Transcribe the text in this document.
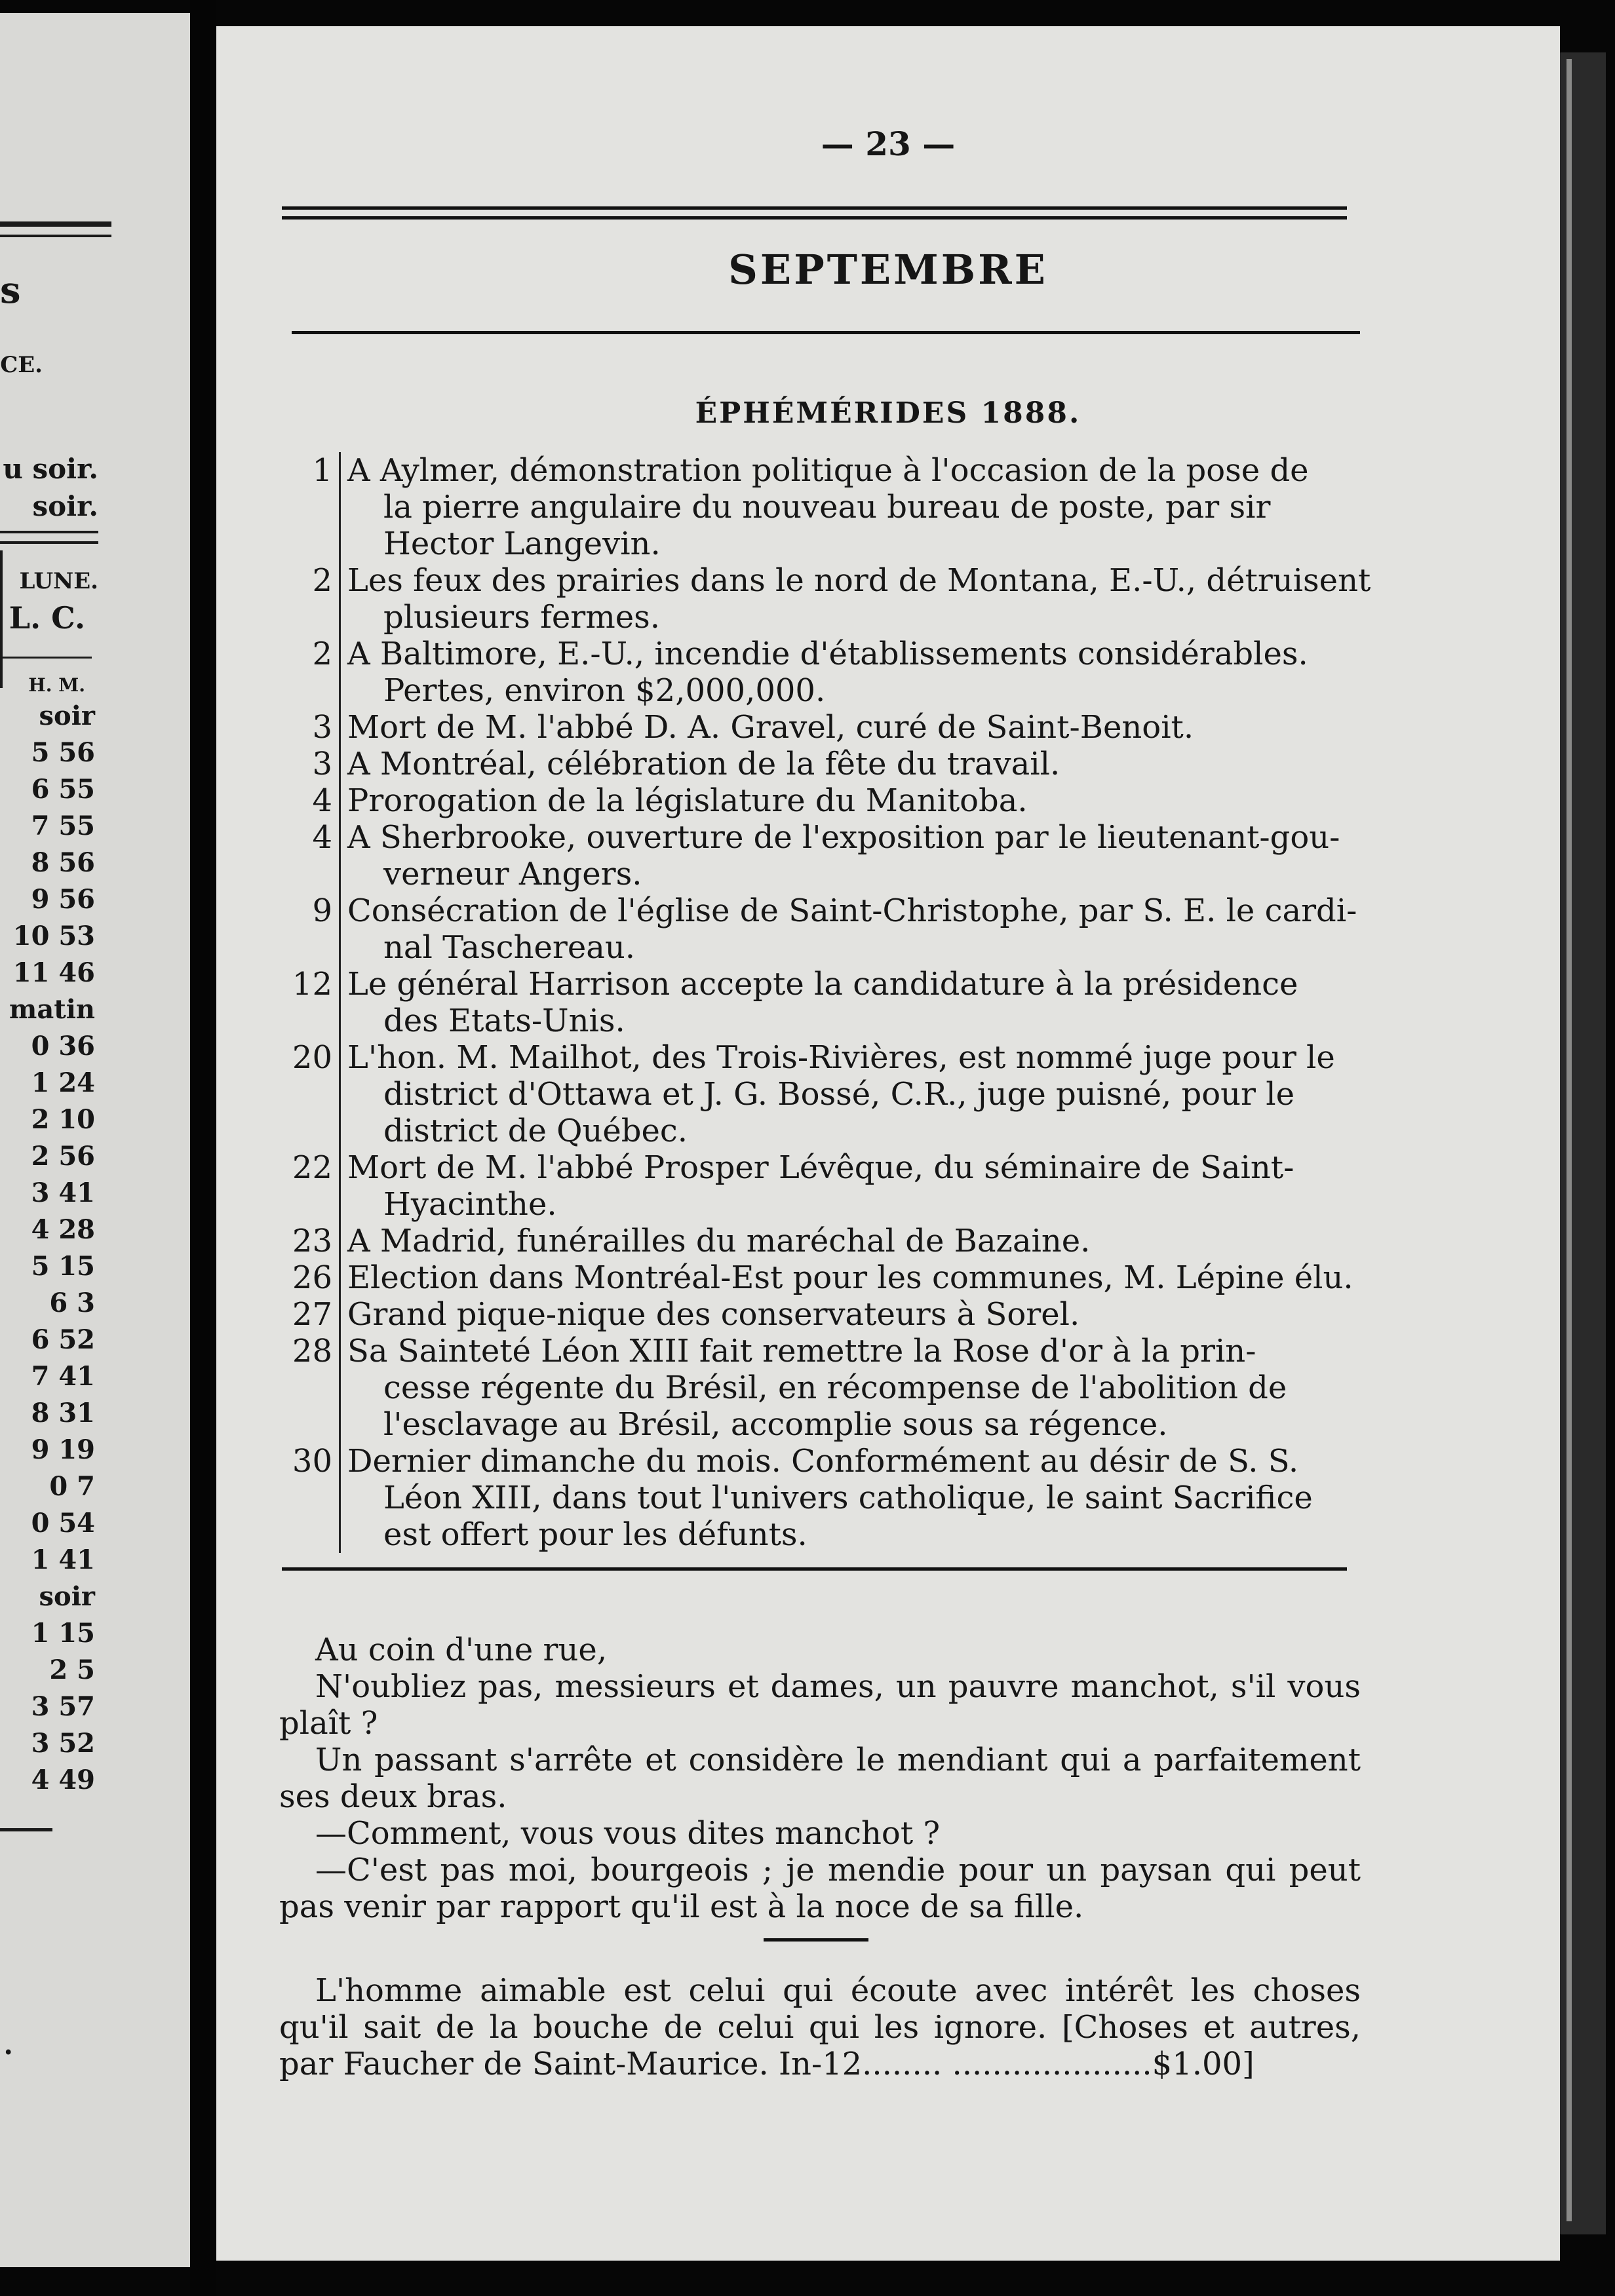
s
CE.
u soir.
soir.
LUNE.
L. C.
H. M.
soir
5 56
6 55
7 55
8 56
9 56
10 53
11 46
matin
0 36
1 24
2 10
2 56
3 41
4 28
5 15
6 3
6 52
7 41
8 31
9 19
0 7
0 54
1 41
soir
1 15
2 5
3 57
3 52
4 49
.
— 23 —
SEPTEMBRE
ÉPHÉMÉRIDES 1888.
1 A Aylmer, démonstration politique à l'occasion de la pose de
la pierre angulaire du nouveau bureau de poste, par sir
Hector Langevin.
2 Les feux des prairies dans le nord de Montana, E.-U., détruisent
plusieurs fermes.
2 A Baltimore, E.-U., incendie d'établissements considérables.
Pertes, environ $2,000,000.
3 Mort de M. l'abbé D. A. Gravel, curé de Saint-Benoit.
3 A Montréal, célébration de la fête du travail.
4 Prorogation de la législature du Manitoba.
4 A Sherbrooke, ouverture de l'exposition par le lieutenant-gou-
verneur Angers.
9 Consécration de l'église de Saint-Christophe, par S. E. le cardi-
nal Taschereau.
12 Le général Harrison accepte la candidature à la présidence
des Etats-Unis.
20 L'hon. M. Mailhot, des Trois-Rivières, est nommé juge pour le
district d'Ottawa et J. G. Bossé, C.R., juge puisné, pour le
district de Québec.
22 Mort de M. l'abbé Prosper Lévêque, du séminaire de Saint-
Hyacinthe.
23 A Madrid, funérailles du maréchal de Bazaine.
26 Election dans Montréal-Est pour les communes, M. Lépine élu.
27 Grand pique-nique des conservateurs à Sorel.
28 Sa Sainteté Léon XIII fait remettre la Rose d'or à la prin-
cesse régente du Brésil, en récompense de l'abolition de
l'esclavage au Brésil, accomplie sous sa régence.
30 Dernier dimanche du mois. Conformément au désir de S. S.
Léon XIII, dans tout l'univers catholique, le saint Sacrifice
est offert pour les défunts.

Au coin d'une rue,

N'oubliez pas, messieurs et dames, un pauvre manchot, s'il vous plaît ?

Un passant s'arrête et considère le mendiant qui a parfaitement ses deux bras.

—Comment, vous vous dites manchot ?

—C'est pas moi, bourgeois ; je mendie pour un paysan qui peut pas venir par rapport qu'il est à la noce de sa fille.

L'homme aimable est celui qui écoute avec intérêt les choses qu'il sait de la bouche de celui qui les ignore. [Choses et autres, par Faucher de Saint-Maurice. In-12........ ....................$1.00]
